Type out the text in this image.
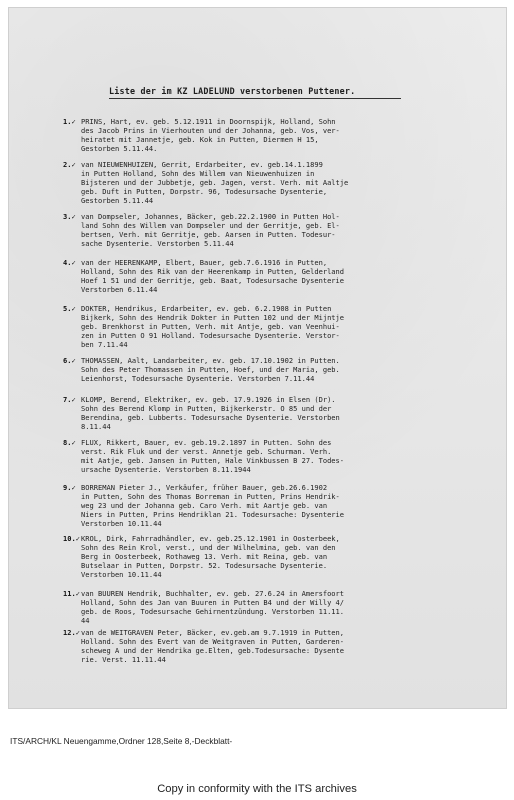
Liste der im KZ LADELUND verstorbenen Puttener.
1.✓ PRINS, Hart, ev. geb. 5.12.1911 in Doornspijk, Holland, Sohn
des Jacob Prins in Vierhouten und der Johanna, geb. Vos, ver-
heiratet mit Jannetje, geb. Kok in Putten, Diermen H 15,
Gestorben 5.11.44.
2.✓ van NIEUWENHUIZEN, Gerrit, Erdarbeiter, ev. geb.14.1.1899
in Putten Holland, Sohn des Willem van Nieuwenhuizen in
Bijsteren und der Jubbetje, geb. Jagen, verst. Verh. mit Aaltje
geb. Duft in Putten, Dorpstr. 96, Todesursache Dysenterie,
Gestorben 5.11.44
3.✓ van Dompseler, Johannes, Bäcker, geb.22.2.1900 in Putten Hol-
land Sohn des Willem van Dompseler und der Gerritje, geb. El-
bertsen, Verh. mit Gerritje, geb. Aarsen in Putten. Todesur-
sache Dysenterie. Verstorben 5.11.44
4.✓ van der HEERENKAMP, Elbert, Bauer, geb.7.6.1916 in Putten,
Holland, Sohn des Rik van der Heerenkamp in Putten, Gelderland
Hoef 1 51 und der Gerritje, geb. Baat, Todesursache Dysenterie
Verstorben 6.11.44
5.✓ DOKTER, Hendrikus, Erdarbeiter, ev. geb. 6.2.1908 in Putten
Bijkerk, Sohn des Hendrik Dokter in Putten 102 und der Mijntje
geb. Brenkhorst in Putten, Verh. mit Antje, geb. van Veenhui-
zen in Putten O 91 Holland. Todesursache Dysenterie. Verstor-
ben 7.11.44
6.✓ THOMASSEN, Aalt, Landarbeiter, ev. geb. 17.10.1902 in Putten.
Sohn des Peter Thomassen in Putten, Hoef, und der Maria, geb.
Leienhorst, Todesursache Dysenterie. Verstorben 7.11.44
7.✓ KLOMP, Berend, Elektriker, ev. geb. 17.9.1926 in Elsen (Dr).
Sohn des Berend Klomp in Putten, Bijkerkerstr. O 85 und der
Berendina, geb. Lubberts. Todesursache Dysenterie. Verstorben
8.11.44
8.✓ FLUX, Rikkert, Bauer, ev. geb.19.2.1897 in Putten. Sohn des
verst. Rik Fluk und der verst. Annetje geb. Schurman. Verh.
mit Aatje, geb. Jansen in Putten, Hale Vinkbussen B 27. Todes-
ursache Dysenterie. Verstorben 8.11.1944
9.✓ BORREMAN Pieter J., Verkäufer, früher Bauer, geb.26.6.1902
in Putten, Sohn des Thomas Borreman in Putten, Prins Hendrik-
weg 23 und der Johanna geb. Caro Verh. mit Aartje geb. van
Niers in Putten, Prins Hendriklan 21. Todesursache: Dysenterie
Verstorben 10.11.44
10.✓ KROL, Dirk, Fahrradhändler, ev. geb.25.12.1901 in Oosterbeek,
Sohn des Rein Krol, verst., und der Wilhelmina, geb. van den
Berg in Oosterbeek, Rothaweg 13. Verh. mit Reina, geb. van
Butselaar in Putten, Dorpstr. 52. Todesursache Dysenterie.
Verstorben 10.11.44
11.✓ van BUUREN Hendrik, Buchhalter, ev. geb. 27.6.24 in Amersfoort
Holland, Sohn des Jan van Buuren in Putten B4 und der Willy 4/
geb. de Roos, Todesursache Gehirnentzündung. Verstorben 11.11.
44
12.✓ van de WEITGRAVEN Peter, Bäcker, ev.geb.am 9.7.1919 in Putten,
Holland. Sohn des Evert van de Weitgraven in Putten, Garderen-
scheweg A und der Hendrika ge.Elten, geb.Todesursache: Dysente
rie. Verst. 11.11.44
ITS/ARCH/KL Neuengamme,Ordner 128,Seite 8,-Deckblatt-
Copy in conformity with the ITS archives
